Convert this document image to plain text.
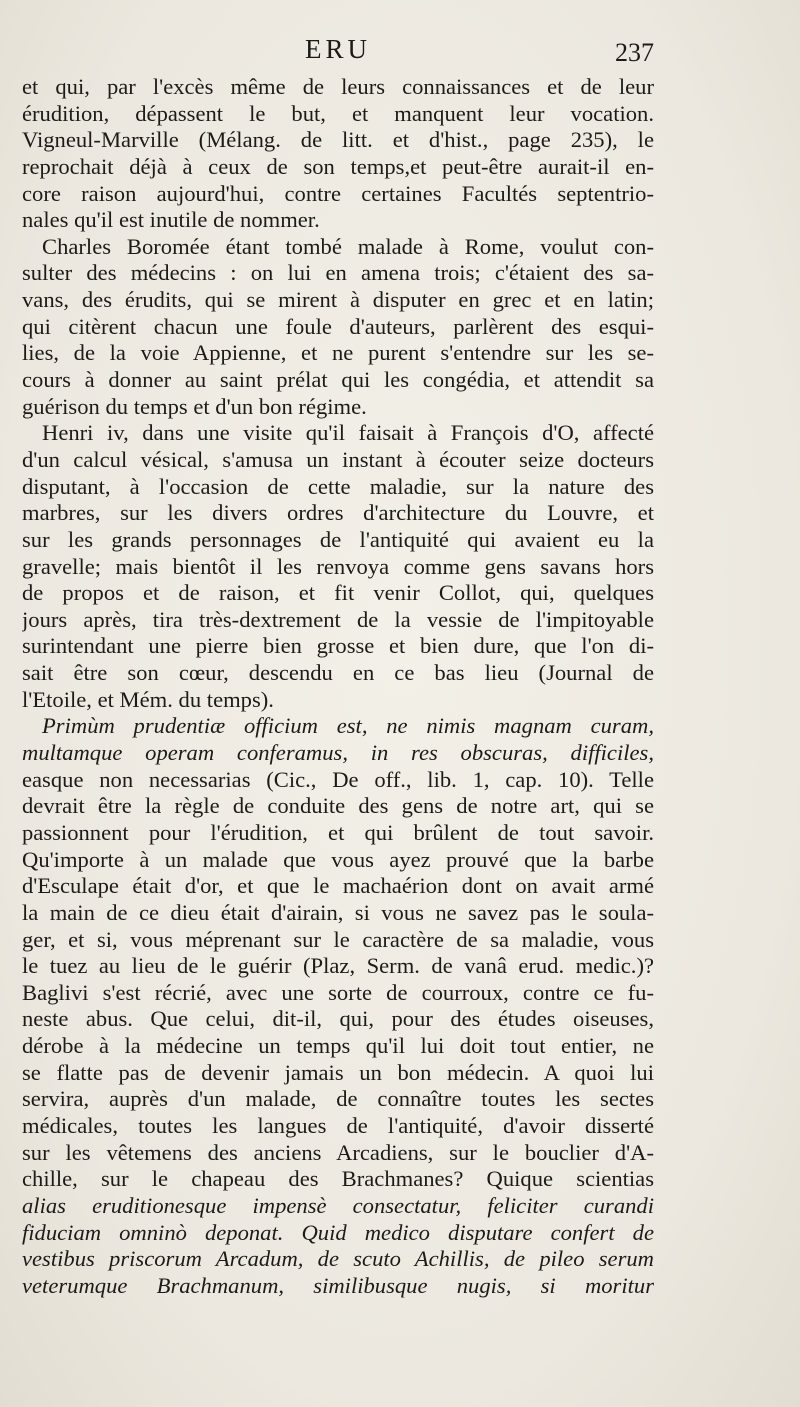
ERU	237
et qui, par l'excès même de leurs connaissances et de leur
érudition, dépassent le but, et manquent leur vocation.
Vigneul-Marville (Mélang. de litt. et d'hist., page 235), le
reprochait déjà à ceux de son temps,et peut-être aurait-il en-
core raison aujourd'hui, contre certaines Facultés septentrio-
nales qu'il est inutile de nommer.
Charles Boromée étant tombé malade à Rome, voulut con-
sulter des médecins : on lui en amena trois; c'étaient des sa-
vans, des érudits, qui se mirent à disputer en grec et en latin;
qui citèrent chacun une foule d'auteurs, parlèrent des esqui-
lies, de la voie Appienne, et ne purent s'entendre sur les se-
cours à donner au saint prélat qui les congédia, et attendit sa
guérison du temps et d'un bon régime.
Henri iv, dans une visite qu'il faisait à François d'O, affecté
d'un calcul vésical, s'amusa un instant à écouter seize docteurs
disputant, à l'occasion de cette maladie, sur la nature des
marbres, sur les divers ordres d'architecture du Louvre, et
sur les grands personnages de l'antiquité qui avaient eu la
gravelle; mais bientôt il les renvoya comme gens savans hors
de propos et de raison, et fit venir Collot, qui, quelques
jours après, tira très-dextrement de la vessie de l'impitoyable
surintendant une pierre bien grosse et bien dure, que l'on di-
sait être son cœur, descendu en ce bas lieu (Journal de
l'Etoile, et Mém. du temps).
Primùm prudentiæ officium est, ne nimis magnam curam,
multamque operam conferamus, in res obscuras, difficiles,
easque non necessarias (Cic., De off., lib. 1, cap. 10). Telle
devrait être la règle de conduite des gens de notre art, qui se
passionnent pour l'érudition, et qui brûlent de tout savoir.
Qu'importe à un malade que vous ayez prouvé que la barbe
d'Esculape était d'or, et que le machaérion dont on avait armé
la main de ce dieu était d'airain, si vous ne savez pas le soula-
ger, et si, vous méprenant sur le caractère de sa maladie, vous
le tuez au lieu de le guérir (Plaz, Serm. de vanâ erud. medic.)?
Baglivi s'est récrié, avec une sorte de courroux, contre ce fu-
neste abus. Que celui, dit-il, qui, pour des études oiseuses,
dérobe à la médecine un temps qu'il lui doit tout entier, ne
se flatte pas de devenir jamais un bon médecin. A quoi lui
servira, auprès d'un malade, de connaître toutes les sectes
médicales, toutes les langues de l'antiquité, d'avoir disserté
sur les vêtemens des anciens Arcadiens, sur le bouclier d'A-
chille, sur le chapeau des Brachmanes? Quique scientias
alias eruditionesque impensè consectatur, feliciter curandi
fiduciam omninò deponat. Quid medico disputare confert de
vestibus priscorum Arcadum, de scuto Achillis, de pileo serum
veterumque Brachmanum, similibusque nugis, si moritur
